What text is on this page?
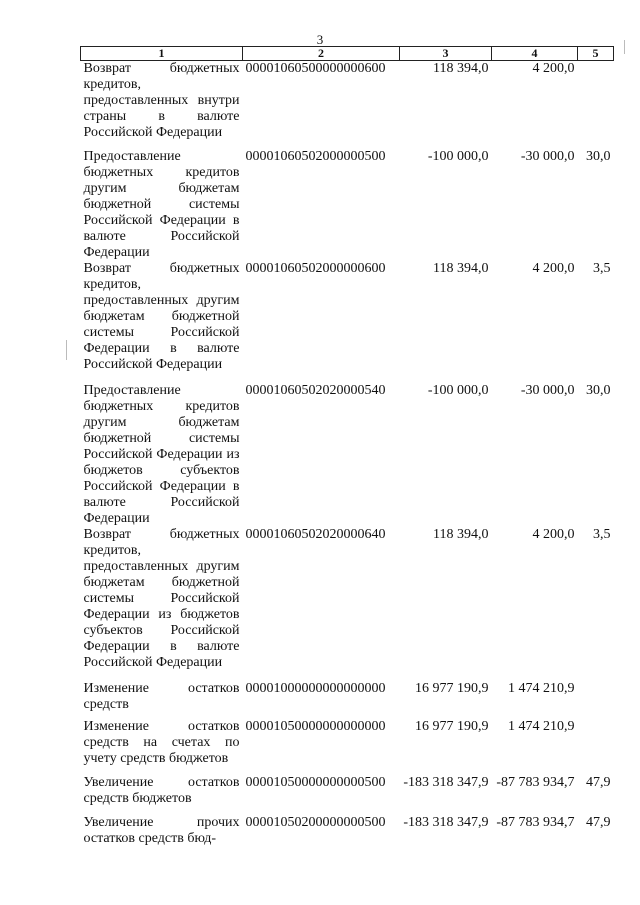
3
1	2	3	4	5
Возврат бюджетных кредитов, предоставленных внутри страны в валюте Российской Федерации	00001060500000000600	118 394,0	4 200,0	
Предоставление бюджетных кредитов другим бюджетам бюджетной системы Российской Федерации в валюте Российской Федерации	00001060502000000500	-100 000,0	-30 000,0	30,0
Возврат бюджетных кредитов, предоставленных другим бюджетам бюджетной системы Российской Федерации в валюте Российской Федерации	00001060502000000600	118 394,0	4 200,0	3,5
Предоставление бюджетных кредитов другим бюджетам бюджетной системы Российской Федерации из бюджетов субъектов Российской Федерации в валюте Российской Федерации	00001060502020000540	-100 000,0	-30 000,0	30,0
Возврат бюджетных кредитов, предоставленных другим бюджетам бюджетной системы Российской Федерации из бюджетов субъектов Российской Федерации в валюте Российской Федерации	00001060502020000640	118 394,0	4 200,0	3,5
Изменение остатков средств	00001000000000000000	16 977 190,9	1 474 210,9	
Изменение остатков средств на счетах по учету средств бюджетов	00001050000000000000	16 977 190,9	1 474 210,9	
Увеличение остатков средств бюджетов	00001050000000000500	-183 318 347,9	-87 783 934,7	47,9
Увеличение прочих остатков средств бюд-	00001050200000000500	-183 318 347,9	-87 783 934,7	47,9
